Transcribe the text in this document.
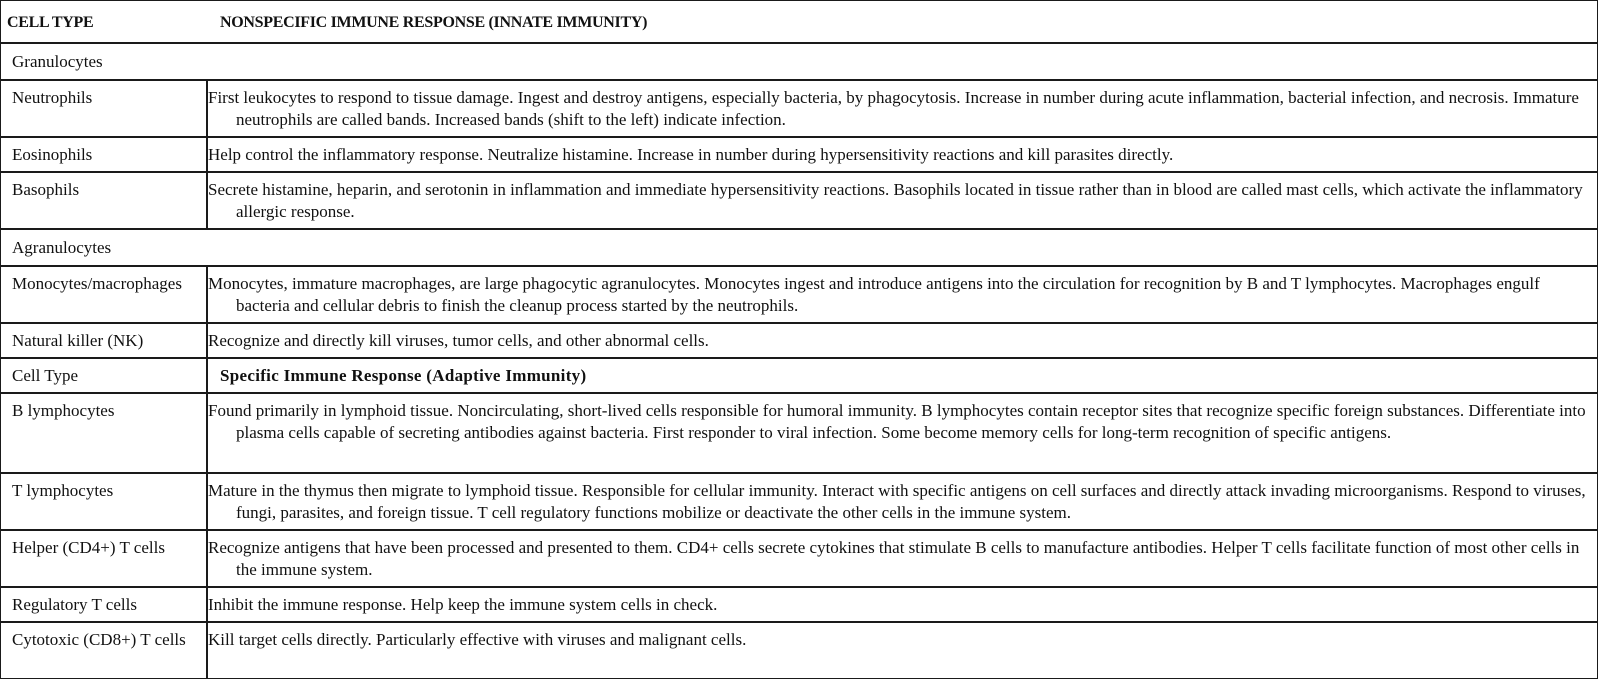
CELL TYPE	NONSPECIFIC IMMUNE RESPONSE (INNATE IMMUNITY)
Granulocytes
Neutrophils	First leukocytes to respond to tissue damage. Ingest and destroy antigens, especially bacteria, by phagocytosis. Increase in number during acute inflammation, bacterial infection, and necrosis. Immature neutrophils are called bands. Increased bands (shift to the left) indicate infection.
Eosinophils	Help control the inflammatory response. Neutralize histamine. Increase in number during hypersensitivity reactions and kill parasites directly.
Basophils	Secrete histamine, heparin, and serotonin in inflammation and immediate hypersensitivity reactions. Basophils located in tissue rather than in blood are called mast cells, which activate the inflammatory allergic response.
Agranulocytes
Monocytes/macrophages	Monocytes, immature macrophages, are large phagocytic agranulocytes. Monocytes ingest and introduce antigens into the circulation for recognition by B and T lymphocytes. Macrophages engulf bacteria and cellular debris to finish the cleanup process started by the neutrophils.
Natural killer (NK)	Recognize and directly kill viruses, tumor cells, and other abnormal cells.
Cell Type	Specific Immune Response (Adaptive Immunity)
B lymphocytes	Found primarily in lymphoid tissue. Noncirculating, short-lived cells responsible for humoral immunity. B lymphocytes contain receptor sites that recognize specific foreign substances. Differentiate into plasma cells capable of secreting antibodies against bacteria. First responder to viral infection. Some become memory cells for long-term recognition of specific antigens.
T lymphocytes	Mature in the thymus then migrate to lymphoid tissue. Responsible for cellular immunity. Interact with specific antigens on cell surfaces and directly attack invading microorganisms. Respond to viruses, fungi, parasites, and foreign tissue. T cell regulatory functions mobilize or deactivate the other cells in the immune system.
Helper (CD4+) T cells	Recognize antigens that have been processed and presented to them. CD4+ cells secrete cytokines that stimulate B cells to manufacture antibodies. Helper T cells facilitate function of most other cells in the immune system.
Regulatory T cells	Inhibit the immune response. Help keep the immune system cells in check.
Cytotoxic (CD8+) T cells	Kill target cells directly. Particularly effective with viruses and malignant cells.
